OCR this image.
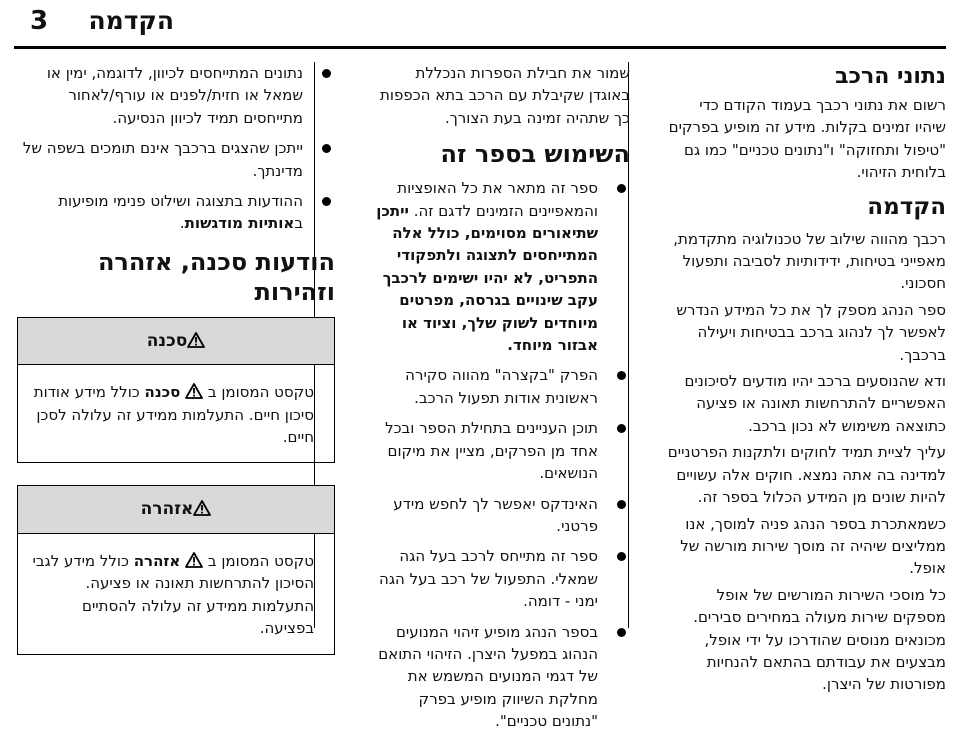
הקדמה
3
נתוני הרכב

רשום את נתוני רכבך בעמוד הקודם כדי שיהיו זמינים בקלות. מידע זה מופיע בפרקים "טיפול ותחזוקה" ו"נתונים טכניים" כמו גם בלוחית הזיהוי.

הקדמה

רכבך מהווה שילוב של טכנולוגיה מתקדמת, מאפייני בטיחות, ידידותיות לסביבה ותפעול חסכוני.

ספר הנהג מספק לך את כל המידע הנדרש לאפשר לך לנהוג ברכב בבטיחות ויעילה ברכבך.

ודא שהנוסעים ברכב יהיו מודעים לסיכונים האפשריים להתרחשות תאונה או פציעה כתוצאה משימוש לא נכון ברכב.

עליך לציית תמיד לחוקים ולתקנות הפרטניים למדינה בה אתה נמצא. חוקים אלה עשויים להיות שונים מן המידע הכלול בספר זה.

כשמאתכרת בספר הנהג פניה למוסך, אנו ממליצים שיהיה זה מוסך שירות מורשה של אופל.

כל מוסכי השירות המורשים של אופל מספקים שירות מעולה במחירים סבירים. מכונאים מנוסים שהודרכו על ידי אופל, מבצעים את עבודתם בהתאם להנחיות מפורטות של היצרן.

שמור את חבילת הספרות הנכללת באוגדן שקיבלת עם הרכב בתא הכפפות כך שתהיה זמינה בעת הצורך.

השימוש בספר זה
ספר זה מתאר את כל האופציות והמאפיינים הזמינים לדגם זה. ייתכן שתיאורים מסוימים, כולל אלה המתייחסים לתצוגה ולתפקודי התפריט, לא יהיו ישימים לרכבך עקב שינויים בגרסה, מפרטים מיוחדים לשוק שלך, וציוד או אבזור מיוחד.
הפרק "בקצרה" מהווה סקירה ראשונית אודות תפעול הרכב.
תוכן העניינים בתחילת הספר ובכל אחד מן הפרקים, מציין את מיקום הנושאים.
האינדקס יאפשר לך לחפש מידע פרטני.
ספר זה מתייחס לרכב בעל הגה שמאלי. התפעול של רכב בעל הגה ימני - דומה.
בספר הנהג מופיע זיהוי המנועים הנהוג במפעל היצרן. הזיהוי התואם של דגמי המנועים המשמש את מחלקת השיווק מופיע בפרק "נתונים טכניים".
נתונים המתייחסים לכיוון, לדוגמה, ימין או שמאל או חזית/לפנים או עורף/לאחור מתייחסים תמיד לכיוון הנסיעה.
ייתכן שהצגים ברכבך אינם תומכים בשפה של מדינתך.
ההודעות בתצוגה ושילוט פנימי מופיעות באותיות מודגשות.
הודעות סכנה, אזהרה וזהירות
סכנה
טקסט המסומן ב
סכנה כולל מידע אודות סיכון חיים. התעלמות ממידע זה עלולה לסכן חיים.
אזהרה
טקסט המסומן ב
אזהרה כולל מידע לגבי הסיכון להתרחשות תאונה או פציעה. התעלמות ממידע זה עלולה להסתיים בפציעה.
